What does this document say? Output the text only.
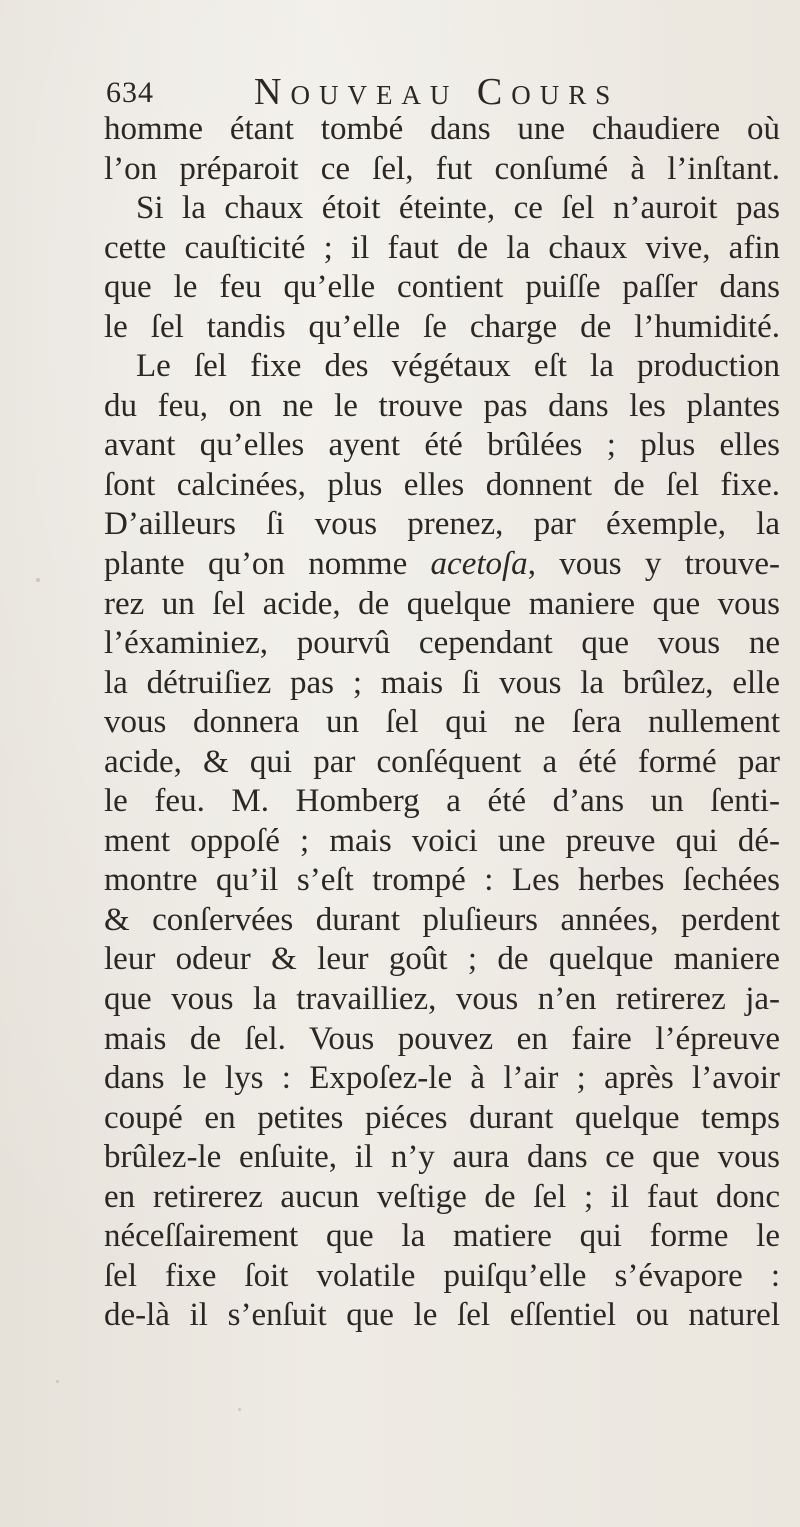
634	Nouveau Cours
homme étant tombé dans une chaudiere où
l’on préparoit ce ſel, fut conſumé à l’inſtant.
Si la chaux étoit éteinte, ce ſel n’auroit pas
cette cauſticité ; il faut de la chaux vive, afin
que le feu qu’elle contient puiſſe paſſer dans
le ſel tandis qu’elle ſe charge de l’humidité.
Le ſel fixe des végétaux eſt la production
du feu, on ne le trouve pas dans les plantes
avant qu’elles ayent été brûlées ; plus elles
ſont calcinées, plus elles donnent de ſel fixe.
D’ailleurs ſi vous prenez, par éxemple, la
plante qu’on nomme acetoſa, vous y trouve-
rez un ſel acide, de quelque maniere que vous
l’éxaminiez, pourvû cependant que vous ne
la détruiſiez pas ; mais ſi vous la brûlez, elle
vous donnera un ſel qui ne ſera nullement
acide, & qui par conſéquent a été formé par
le feu. M. Homberg a été d’ans un ſenti-
ment oppoſé ; mais voici une preuve qui dé-
montre qu’il s’eſt trompé : Les herbes ſechées
& conſervées durant pluſieurs années, perdent
leur odeur & leur goût ; de quelque maniere
que vous la travailliez, vous n’en retirerez ja-
mais de ſel. Vous pouvez en faire l’épreuve
dans le lys : Expoſez-le à l’air ; après l’avoir
coupé en petites piéces durant quelque temps
brûlez-le enſuite, il n’y aura dans ce que vous
en retirerez aucun veſtige de ſel ; il faut donc
néceſſairement que la matiere qui forme le
ſel fixe ſoit volatile puiſqu’elle s’évapore :
de-là il s’enſuit que le ſel eſſentiel ou naturel
